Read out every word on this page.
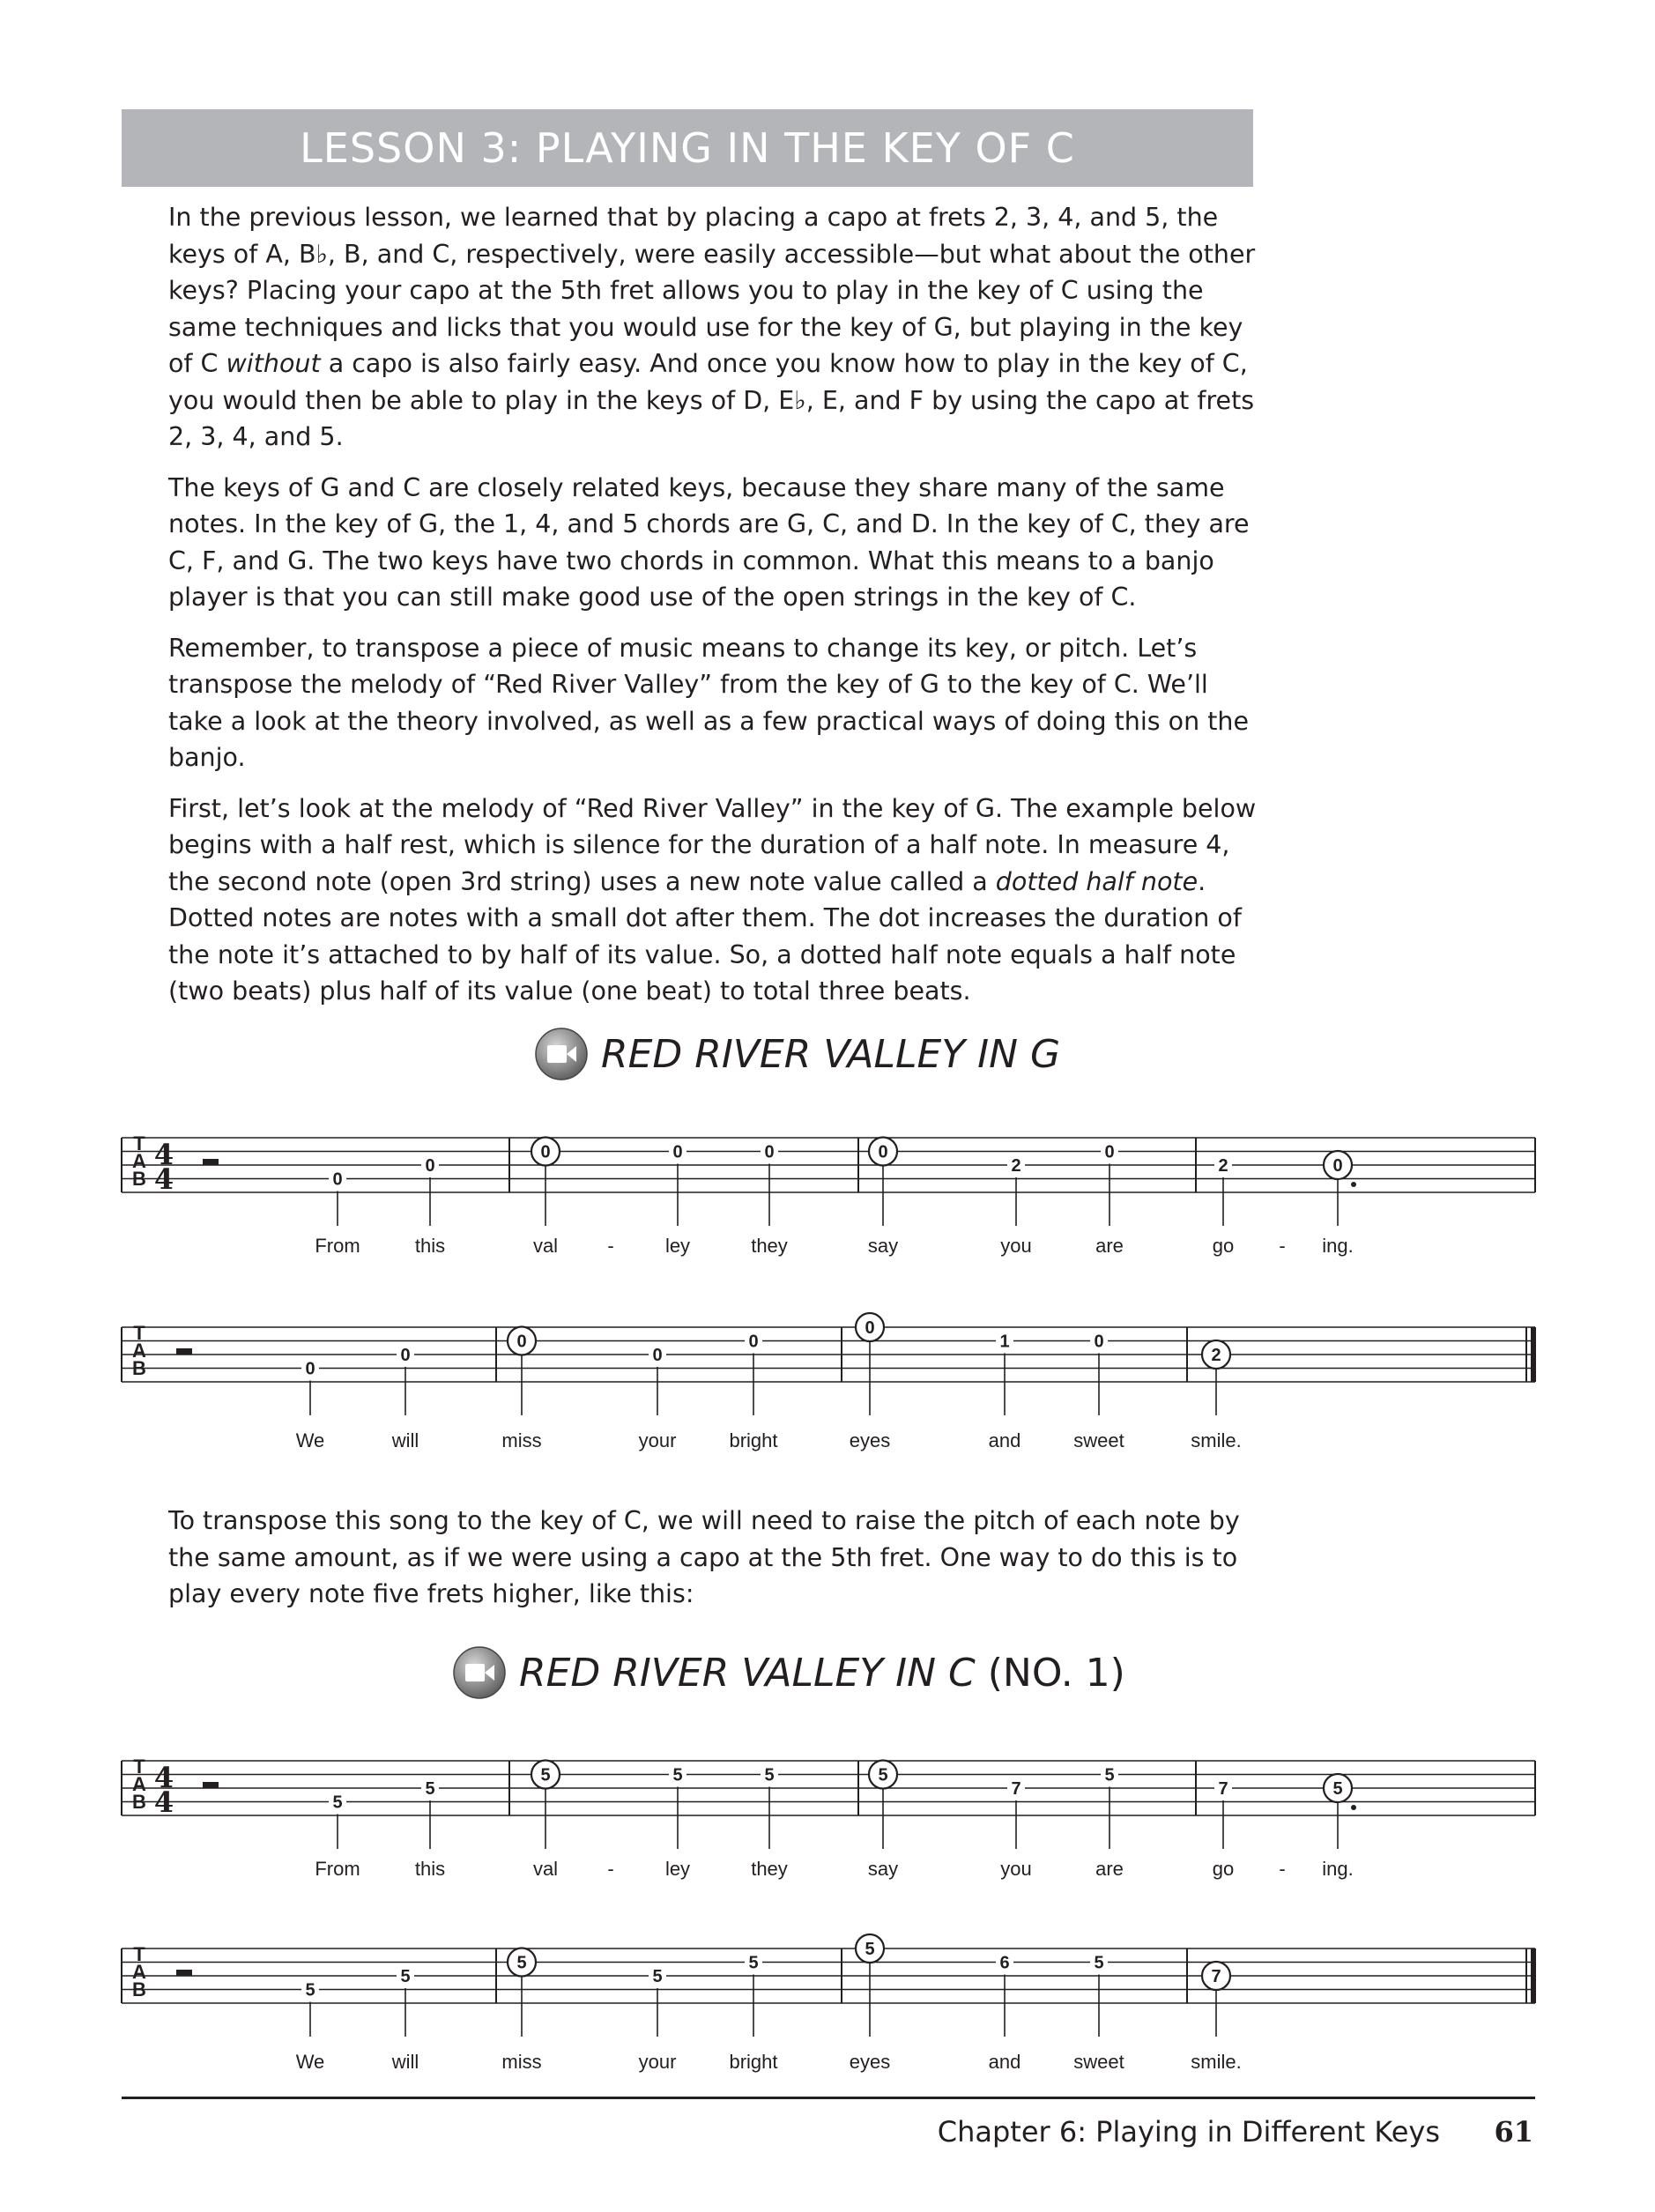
LESSON 3: PLAYING IN THE KEY OF C

In the previous lesson, we learned that by placing a capo at frets 2, 3, 4, and 5, the keys of A, B♭, B, and C, respectively, were easily accessible—but what about the other keys? Placing your capo at the 5th fret allows you to play in the key of C using the same techniques and licks that you would use for the key of G, but playing in the key of C without a capo is also fairly easy. And once you know how to play in the key of C, you would then be able to play in the keys of D, E♭, E, and F by using the capo at frets 2, 3, 4, and 5.

The keys of G and C are closely related keys, because they share many of the same notes. In the key of G, the 1, 4, and 5 chords are G, C, and D. In the key of C, they are C, F, and G. The two keys have two chords in common. What this means to a banjo player is that you can still make good use of the open strings in the key of C.

Remember, to transpose a piece of music means to change its key, or pitch. Let’s transpose the melody of “Red River Valley” from the key of G to the key of C. We’ll take a look at the theory involved, as well as a few practical ways of doing this on the banjo.

First, let’s look at the melody of “Red River Valley” in the key of G. The example below begins with a half rest, which is silence for the duration of a half note. In measure 4, the second note (open 3rd string) uses a new note value called a dotted half note. Dotted notes are notes with a small dot after them. The dot increases the duration of the note it’s attached to by half of its value. So, a dotted half note equals a half note (two beats) plus half of its value (one beat) to total three beats.

RED RIVER VALLEY IN G
RED RIVER VALLEY IN C (NO. 1)

To transpose this song to the key of C, we will need to raise the pitch of each note by the same amount, as if we were using a capo at the 5th fret. One way to do this is to play every note five frets higher, like this:

T
A
B
4
4	0
From
0
this
0
val
0
ley
0
they
0
say
2
you
0
are
2
go
0
ing.
-	-
T
A
B	0
We
0
will
0
miss
0
your
0
bright
0
eyes
1
and
0
sweet
2
smile.
T
A
B
4
4	5
From
5
this
5
val
5
ley
5
they
5
say
7
you
5
are
7
go
5
ing.
-	-
T
A
B	5
We
5
will
5
miss
5
your
5
bright
5
eyes
6
and
5
sweet
7
smile.
Chapter 6: Playing in Different Keys 61
